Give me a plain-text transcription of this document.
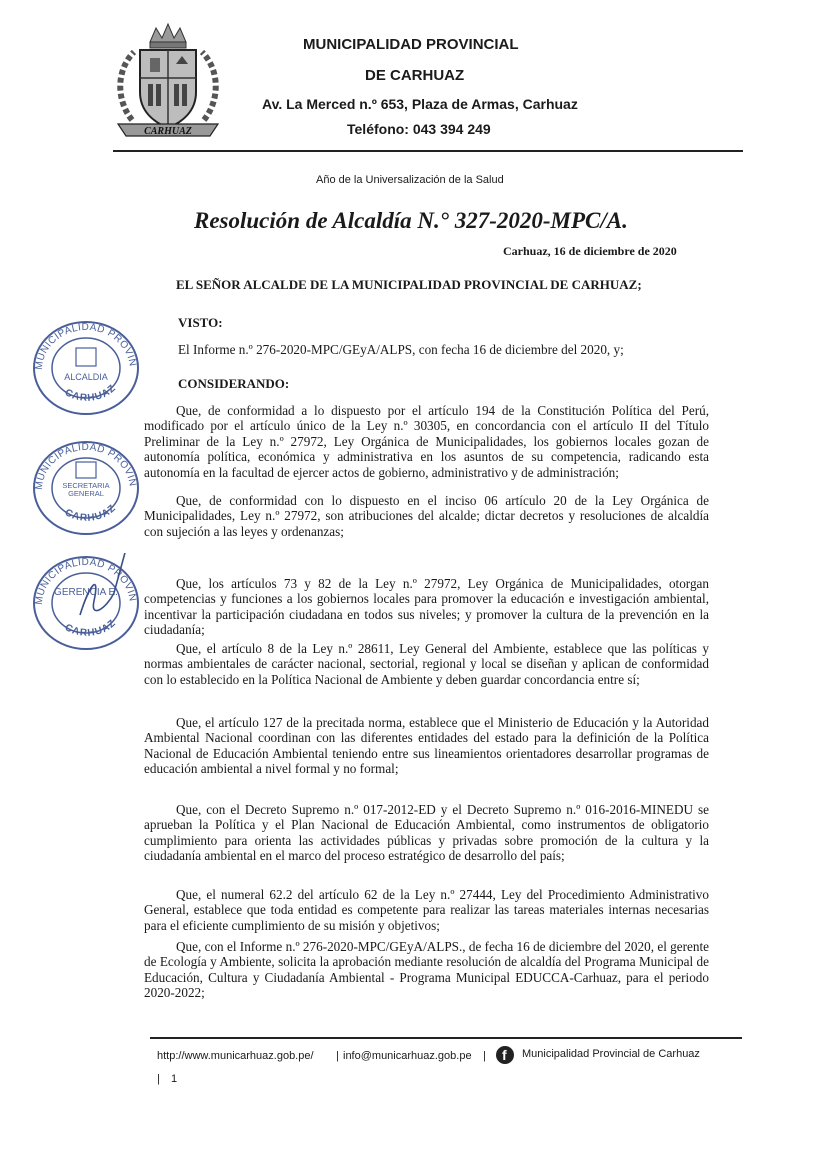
CARHUAZ
MUNICIPALIDAD PROVINCIAL
DE CARHUAZ
Av. La Merced n.º 653, Plaza de Armas, Carhuaz
Teléfono: 043 394 249
Año de la Universalización de la Salud
Resolución de Alcaldía N.° 327-2020-MPC/A.
Carhuaz, 16 de diciembre de 2020
EL SEÑOR ALCALDE DE LA MUNICIPALIDAD PROVINCIAL DE CARHUAZ;
VISTO:
El Informe n.º 276-2020-MPC/GEyA/ALPS, con fecha 16 de diciembre del 2020, y;
CONSIDERANDO:

Que, de conformidad a lo dispuesto por el artículo 194 de la Constitución Política del Perú, modificado por el artículo único de la Ley n.º 30305, en concordancia con el artículo II del Título Preliminar de la Ley n.º 27972, Ley Orgánica de Municipalidades, los gobiernos locales gozan de autonomía política, económica y administrativa en los asuntos de su competencia, radicando esta autonomía en la facultad de ejercer actos de gobierno, administrativo y de administración;

Que, de conformidad con lo dispuesto en el inciso 06 artículo 20 de la Ley Orgánica de Municipalidades, Ley n.º 27972, son atribuciones del alcalde; dictar decretos y resoluciones de alcaldía con sujeción a las leyes y ordenanzas;

Que, los artículos 73 y 82 de la Ley n.º 27972, Ley Orgánica de Municipalidades, otorgan competencias y funciones a los gobiernos locales para promover la educación e investigación ambiental, incentivar la participación ciudadana en todos sus niveles; y promover la cultura de la prevención en la ciudadanía;

Que, el artículo 8 de la Ley n.º 28611, Ley General del Ambiente, establece que las políticas y normas ambientales de carácter nacional, sectorial, regional y local se diseñan y aplican de conformidad con lo establecido en la Política Nacional de Ambiente y deben guardar concordancia entre sí;

Que, el artículo 127 de la precitada norma, establece que el Ministerio de Educación y la Autoridad Ambiental Nacional coordinan con las diferentes entidades del estado para la definición de la Política Nacional de Educación Ambiental teniendo entre sus lineamientos orientadores desarrollar programas de educación ambiental a nivel formal y no formal;

Que, con el Decreto Supremo n.º 017-2012-ED y el Decreto Supremo n.º 016-2016-MINEDU se aprueban la Política y el Plan Nacional de Educación Ambiental, como instrumentos de obligatorio cumplimiento para orienta las actividades públicas y privadas sobre promoción de la cultura y la ciudadanía ambiental en el marco del proceso estratégico de desarrollo del país;

Que, el numeral 62.2 del artículo 62 de la Ley n.º 27444, Ley del Procedimiento Administrativo General, establece que toda entidad es competente para realizar las tareas materiales internas necesarias para el eficiente cumplimiento de su misión y objetivos;

Que, con el Informe n.º 276-2020-MPC/GEyA/ALPS., de fecha 16 de diciembre del 2020, el gerente de Ecología y Ambiente, solicita la aprobación mediante resolución de alcaldía del Programa Municipal de Educación, Cultura y Ciudadanía Ambiental - Programa Municipal EDUCCA-Carhuaz, para el periodo 2020-2022;

MUNICIPALIDAD PROVIN
CARHUAZ
ALCALDIA
MUNICIPALIDAD PROVIN
CARHUAZ
SECRETARIA GENERAL
MUNICIPALIDAD PROVIN
CARHUAZ
GERENCIA E.
http://www.municarhuaz.gob.pe/ | info@municarhuaz.gob.pe | f Municipalidad Provincial de Carhuaz
| 1
